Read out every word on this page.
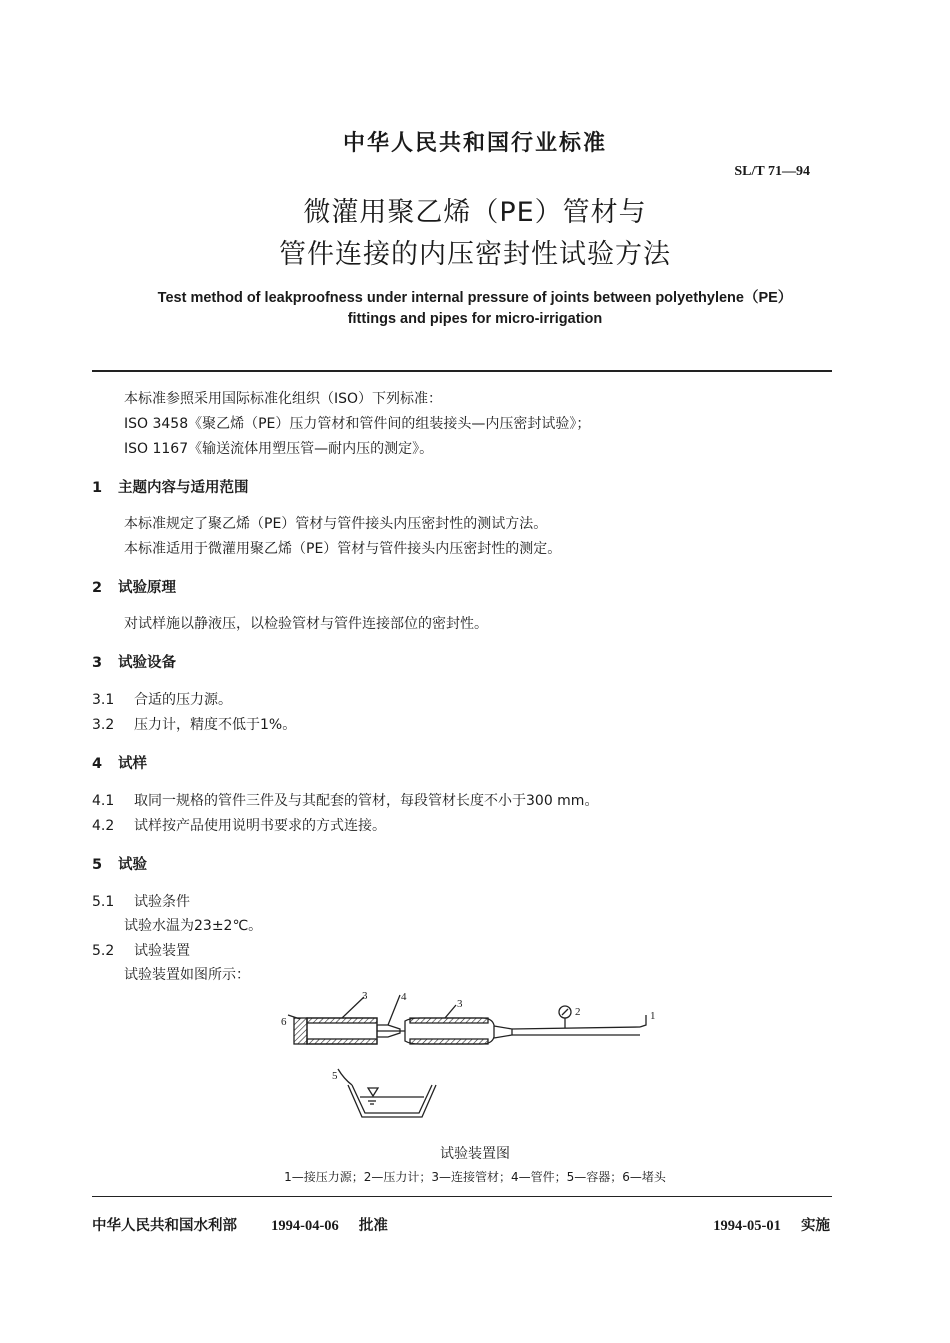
中华人民共和国行业标准
SL/T 71—94
微灌用聚乙烯（PE）管材与
管件连接的内压密封性试验方法
Test method of leakproofness under internal pressure of joints between polyethylene（PE）
fittings and pipes for micro-irrigation
本标准参照采用国际标准化组织（ISO）下列标准：
ISO 3458《聚乙烯（PE）压力管材和管件间的组装接头—内压密封试验》；
ISO 1167《输送流体用塑压管—耐内压的测定》。
1 主题内容与适用范围
本标准规定了聚乙烯（PE）管材与管件接头内压密封性的测试方法。
本标准适用于微灌用聚乙烯（PE）管材与管件接头内压密封性的测定。
2 试验原理
对试样施以静液压，以检验管材与管件连接部位的密封性。
3 试验设备
3.1 合适的压力源。
3.2 压力计，精度不低于1%。
4 试样
4.1 取同一规格的管件三件及与其配套的管材，每段管材长度不小于300 mm。
4.2 试样按产品使用说明书要求的方式连接。
5 试验
5.1 试验条件
试验水温为23±2℃。
5.2 试验装置
试验装置如图所示：
6
3	4
3
2	1
5
试验装置图
1—接压力源；2—压力计；3—连接管材；4—管件；5—容器；6—堵头
中华人民共和国水利部 1994-04-06 批准	1994-05-01 实施
